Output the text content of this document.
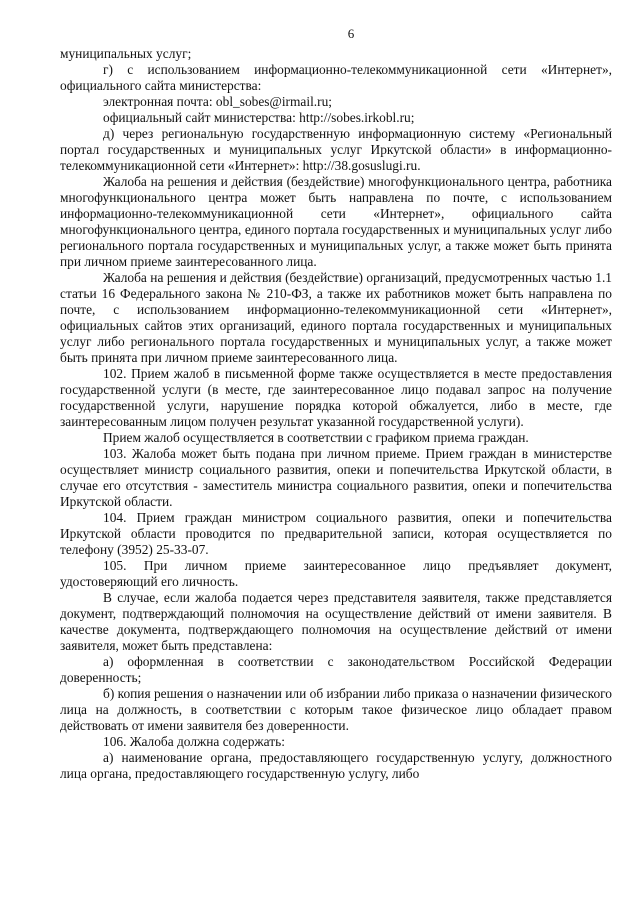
6

муниципальных услуг;

г) с использованием информационно-телекоммуникационной сети «Интернет», официального сайта министерства:

электронная почта: obl_sobes@irmail.ru;

официальный сайт министерства: http://sobes.irkobl.ru;

д) через региональную государственную информационную систему «Региональный портал государственных и муниципальных услуг Иркутской области» в информационно-телекоммуникационной сети «Интернет»: http://38.gosuslugi.ru.

Жалоба на решения и действия (бездействие) многофункционального центра, работника многофункционального центра может быть направлена по почте, с использованием информационно-телекоммуникационной сети «Интернет», официального сайта многофункционального центра, единого портала государственных и муниципальных услуг либо регионального портала государственных и муниципальных услуг, а также может быть принята при личном приеме заинтересованного лица.

Жалоба на решения и действия (бездействие) организаций, предусмотренных частью 1.1 статьи 16 Федерального закона № 210-ФЗ, а также их работников может быть направлена по почте, с использованием информационно-телекоммуникационной сети «Интернет», официальных сайтов этих организаций, единого портала государственных и муниципальных услуг либо регионального портала государственных и муниципальных услуг, а также может быть принята при личном приеме заинтересованного лица.

102. Прием жалоб в письменной форме также осуществляется в месте предоставления государственной услуги (в месте, где заинтересованное лицо подавал запрос на получение государственной услуги, нарушение порядка которой обжалуется, либо в месте, где заинтересованным лицом получен результат указанной государственной услуги).

Прием жалоб осуществляется в соответствии с графиком приема граждан.

103. Жалоба может быть подана при личном приеме. Прием граждан в министерстве осуществляет министр социального развития, опеки и попечительства Иркутской области, в случае его отсутствия - заместитель министра социального развития, опеки и попечительства Иркутской области.

104. Прием граждан министром социального развития, опеки и попечительства Иркутской области проводится по предварительной записи, которая осуществляется по телефону (3952) 25-33-07.

105. При личном приеме заинтересованное лицо предъявляет документ, удостоверяющий его личность.

В случае, если жалоба подается через представителя заявителя, также представляется документ, подтверждающий полномочия на осуществление действий от имени заявителя. В качестве документа, подтверждающего полномочия на осуществление действий от имени заявителя, может быть представлена:

а) оформленная в соответствии с законодательством Российской Федерации доверенность;

б) копия решения о назначении или об избрании либо приказа о назначении физического лица на должность, в соответствии с которым такое физическое лицо обладает правом действовать от имени заявителя без доверенности.

106. Жалоба должна содержать:

а) наименование органа, предоставляющего государственную услугу, должностного лица органа, предоставляющего государственную услугу, либо
